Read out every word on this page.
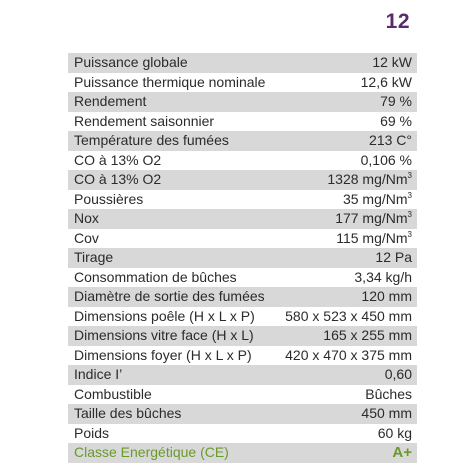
12
Puissance globale	12 kW
Puissance thermique nominale	12,6 kW
Rendement	79 %
Rendement saisonnier	69 %
Température des fumées	213 C°
CO à 13% O2	0,106 %
CO à 13% O2	1328 mg/Nm$^3$
Poussières	35 mg/Nm$^3$
Nox	177 mg/Nm$^3$
Cov	115 mg/Nm$^3$
Tirage	12 Pa
Consommation de bûches	3,34 kg/h
Diamètre de sortie des fumées	120 mm
Dimensions poêle (H x L x P) 580 x 523 x 450 mm
Dimensions vitre face (H x L)	165 x 255 mm
Dimensions foyer (H x L x P) 420 x 470 x 375 mm
Indice I’	0,60
Combustible	Bûches
Taille des bûches	450 mm
Poids	60 kg
Classe Energétique (CE)	A+
